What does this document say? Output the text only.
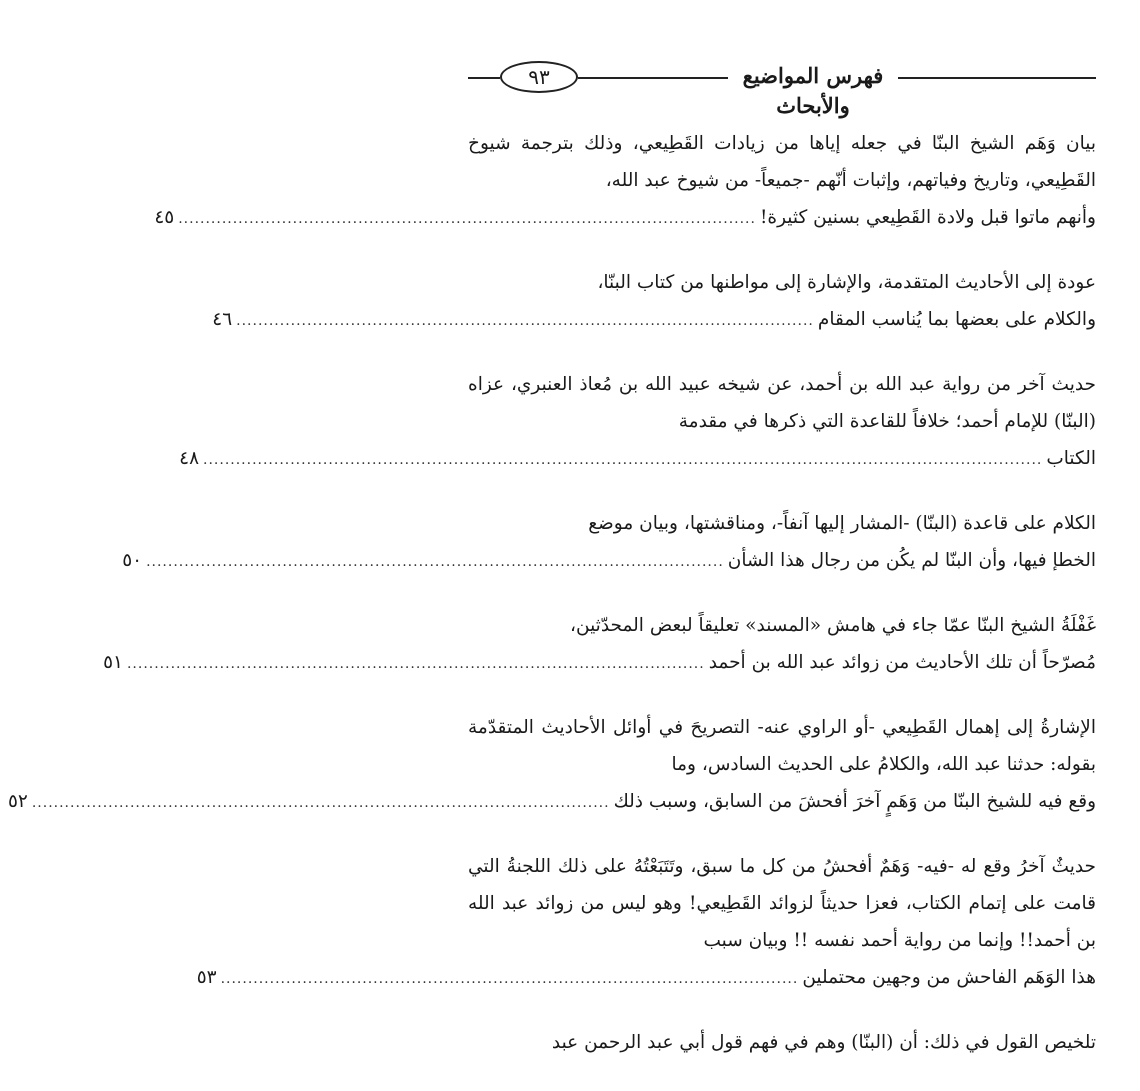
٩٣	فهرس المواضيع والأبحاث
بيان وَهَم الشيخ البنّا في جعله إياها من زيادات القَطِيعي، وذلك بترجمة شيوخ القَطِيعي، وتاريخ وفياتهم، وإثبات أنّهم -جميعاً- من شيوخ عبد الله،
وأنهم ماتوا قبل ولادة القَطِيعي بسنين كثيرة!
..........................................................................................................
٤٥
عودة إلى الأحاديث المتقدمة، والإشارة إلى مواطنها من كتاب البنّا،
والكلام على بعضها بما يُناسب المقام
..........................................................................................................
٤٦
حديث آخر من رواية عبد الله بن أحمد، عن شيخه عبيد الله بن مُعاذ العنبري، عزاه (البنّا) للإمام أحمد؛ خلافاً للقاعدة التي ذكرها في مقدمة
الكتاب
..........................................................................................................................................................
٤٨
الكلام على قاعدة (البنّا) -المشار إليها آنفاً-، ومناقشتها، وبيان موضع
الخطإ فيها، وأن البنّا لم يكُن من رجال هذا الشأن
..........................................................................................................
٥٠
غَفْلَةُ الشيخ البنّا عمّا جاء في هامش «المسند» تعليقاً لبعض المحدّثين،
مُصرّحاً أن تلك الأحاديث من زوائد عبد الله بن أحمد
..........................................................................................................
٥١
الإشارةُ إلى إهمال القَطِيعي -أو الراوي عنه- التصريحَ في أوائل الأحاديث المتقدّمة بقوله: حدثنا عبد الله، والكلامُ على الحديث السادس، وما
وقع فيه للشيخ البنّا من وَهَمٍ آخرَ أفحشَ من السابق، وسبب ذلك
..........................................................................................................
٥٢
حديثٌ آخرُ وقع له -فيه- وَهَمٌ أفحشُ من كل ما سبق، وتَتَبَعْتُهُ على ذلك اللجنةُ التي قامت على إتمام الكتاب، فعزا حديثاً لزوائد القَطِيعي! وهو ليس من زوائد عبد الله بن أحمد!! وإنما من رواية أحمد نفسه !! وبيان سبب
هذا الوَهَم الفاحش من وجهين محتملين
..........................................................................................................
٥٣
تلخيص القول في ذلك: أن (البنّا) وهم في فهم قول أبي عبد الرحمن عبد
